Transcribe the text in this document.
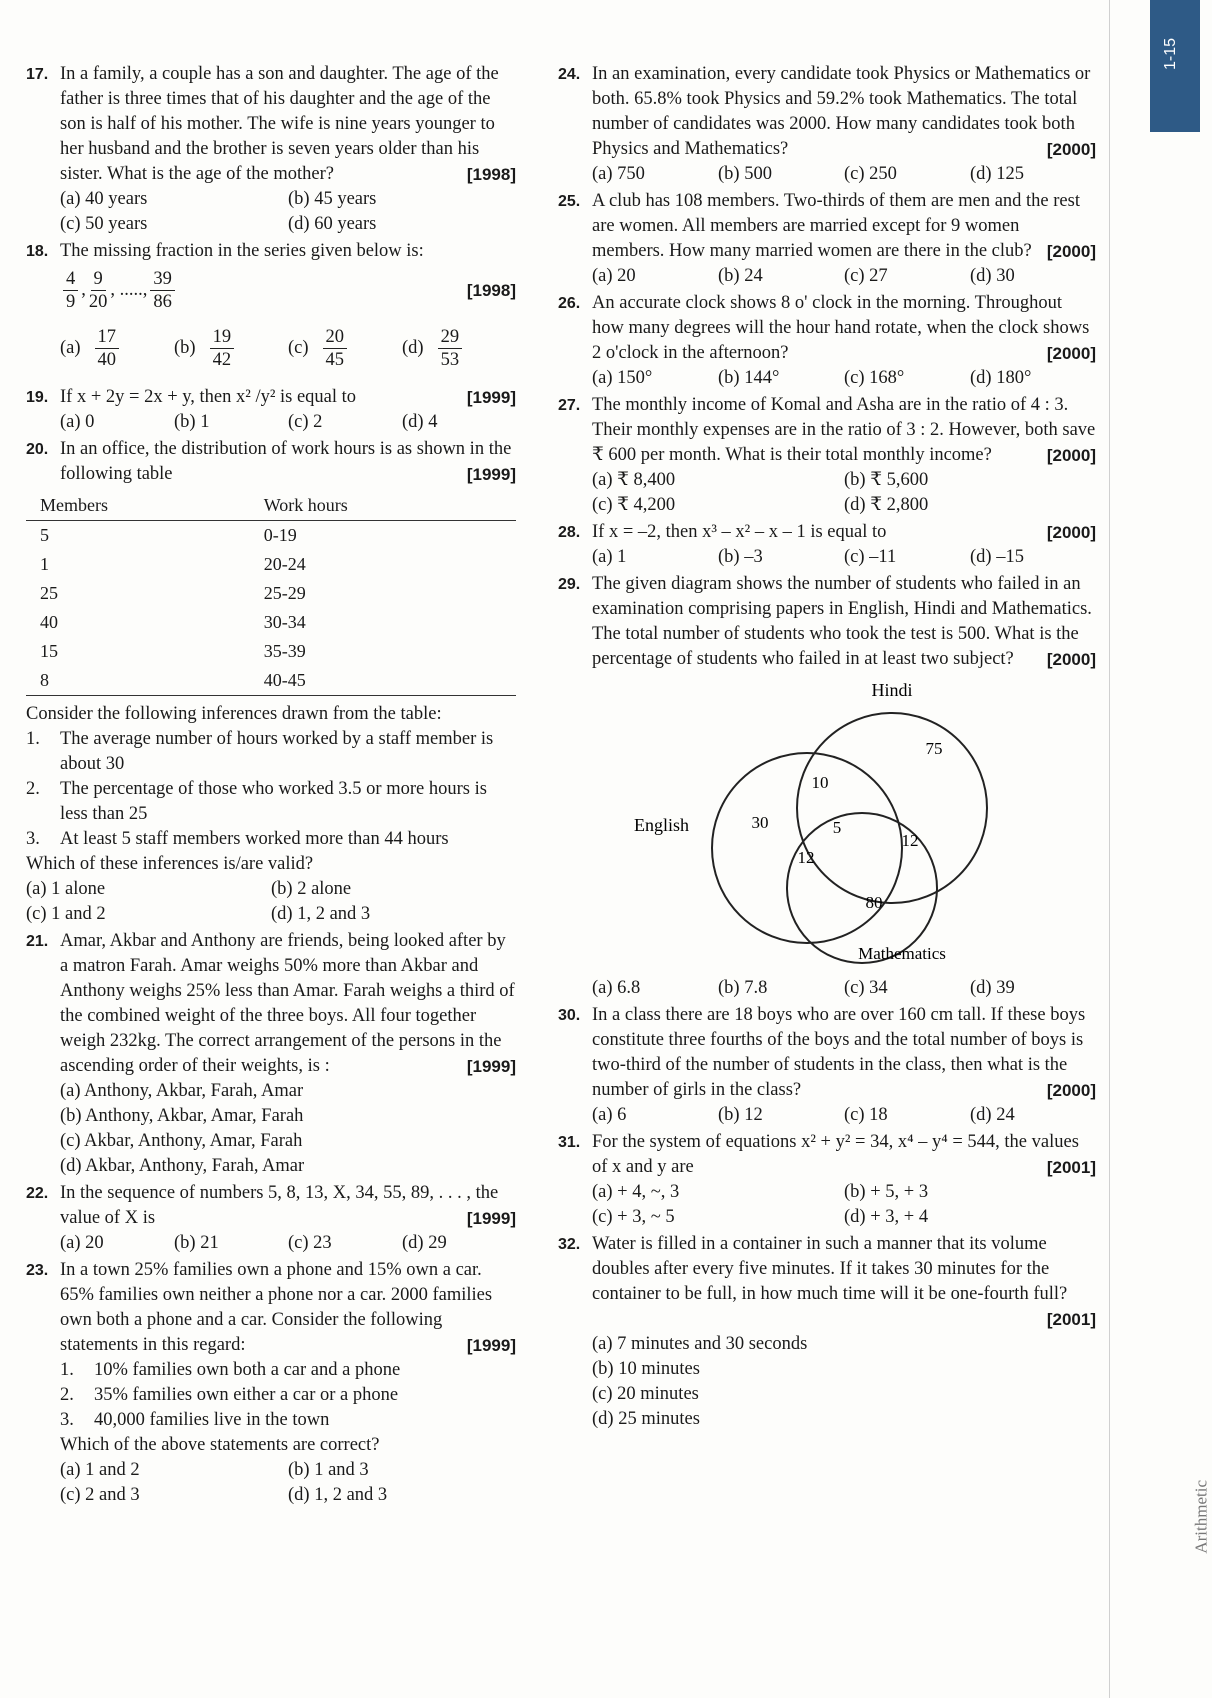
1-15
Arithmetic
17. In a family, a couple has a son and daughter. The age of the father is three times that of his daughter and the age of the son is half of his mother. The wife is nine years younger to her husband and the brother is seven years older than his sister. What is the age of the mother?	[1998]
(a) 40 years	(b) 45 years
(c) 50 years	(d) 60 years
18. The missing fraction in the series given below is:
$\frac{4}{9}$ , $\frac{9}{20}$ , ....., $\frac{39}{86}$	[1998]
$(a) \frac{17}{40}$	$(b) \frac{19}{42}$	$(c) \frac{20}{45}$	$(d) \frac{29}{53}$
19. If x + 2y = 2x + y, then x² /y² is equal to	[1999]
(a) 0	(b) 1	(c) 2	(d) 4
20. In an office, the distribution of work hours is as shown in the following table	[1999]
Members	Work hours
5	0-19
1	20-24
25	25-29
40	30-34
15	35-39
8	40-45
Consider the following inferences drawn from the table:
1. The average number of hours worked by a staff member is about 30
2. The percentage of those who worked 3.5 or more hours is less than 25
3. At least 5 staff members worked more than 44 hours
Which of these inferences is/are valid?
(a) 1 alone	(b) 2 alone
(c) 1 and 2	(d) 1, 2 and 3
21. Amar, Akbar and Anthony are friends, being looked after by a matron Farah. Amar weighs 50% more than Akbar and Anthony weighs 25% less than Amar. Farah weighs a third of the combined weight of the three boys. All four together weigh 232kg. The correct arrangement of the persons in the ascending order of their weights, is :	[1999]
(a) Anthony, Akbar, Farah, Amar
(b) Anthony, Akbar, Amar, Farah
(c) Akbar, Anthony, Amar, Farah
(d) Akbar, Anthony, Farah, Amar
22. In the sequence of numbers 5, 8, 13, X, 34, 55, 89, . . . , the value of X is	[1999]
(a) 20	(b) 21	(c) 23	(d) 29
23. In a town 25% families own a phone and 15% own a car. 65% families own neither a phone nor a car. 2000 families own both a phone and a car. Consider the following statements in this regard:	[1999]
1. 10% families own both a car and a phone
2. 35% families own either a car or a phone
3. 40,000 families live in the town
Which of the above statements are correct?
(a) 1 and 2	(b) 1 and 3
(c) 2 and 3	(d) 1, 2 and 3
24. In an examination, every candidate took Physics or Mathematics or both. 65.8% took Physics and 59.2% took Mathematics. The total number of candidates was 2000. How many candidates took both Physics and Mathematics?	[2000]
(a) 750	(b) 500	(c) 250	(d) 125
25. A club has 108 members. Two-thirds of them are men and the rest are women. All members are married except for 9 women members. How many married women are there in the club? [2000]
(a) 20	(b) 24	(c) 27	(d) 30
26. An accurate clock shows 8 o' clock in the morning. Throughout how many degrees will the hour hand rotate, when the clock shows 2 o'clock in the afternoon?	[2000]
(a) 150°	(b) 144°	(c) 168°	(d) 180°
27. The monthly income of Komal and Asha are in the ratio of 4 : 3. Their monthly expenses are in the ratio of 3 : 2. However, both save ₹ 600 per month. What is their total monthly income?	[2000]
(a) ₹ 8,400	(b) ₹ 5,600
(c) ₹ 4,200	(d) ₹ 2,800
28. If x = –2, then x³ – x² – x – 1 is equal to	[2000]
(a) 1	(b) –3	(c) –11	(d) –15
29. The given diagram shows the number of students who failed in an examination comprising papers in English, Hindi and Mathematics. The total number of students who took the test is 500. What is the percentage of students who failed in at least two subject? [2000]
Hindi
English
Mathematics
75
30
80
10
5
12
12
(a) 6.8	(b) 7.8	(c) 34	(d) 39
30. In a class there are 18 boys who are over 160 cm tall. If these boys constitute three fourths of the boys and the total number of boys is two-third of the number of students in the class, then what is the number of girls in the class?	[2000]
(a) 6	(b) 12	(c) 18	(d) 24
31. For the system of equations x² + y² = 34, x⁴ – y⁴ = 544, the values of x and y are	[2001]
(a) + 4, ~, 3	(b) + 5, + 3
(c) + 3, ~ 5	(d) + 3, + 4
32. Water is filled in a container in such a manner that its volume doubles after every five minutes. If it takes 30 minutes for the container to be full, in how much time will it be one-fourth full?
[2001]
(a) 7 minutes and 30 seconds
(b) 10 minutes
(c) 20 minutes
(d) 25 minutes
